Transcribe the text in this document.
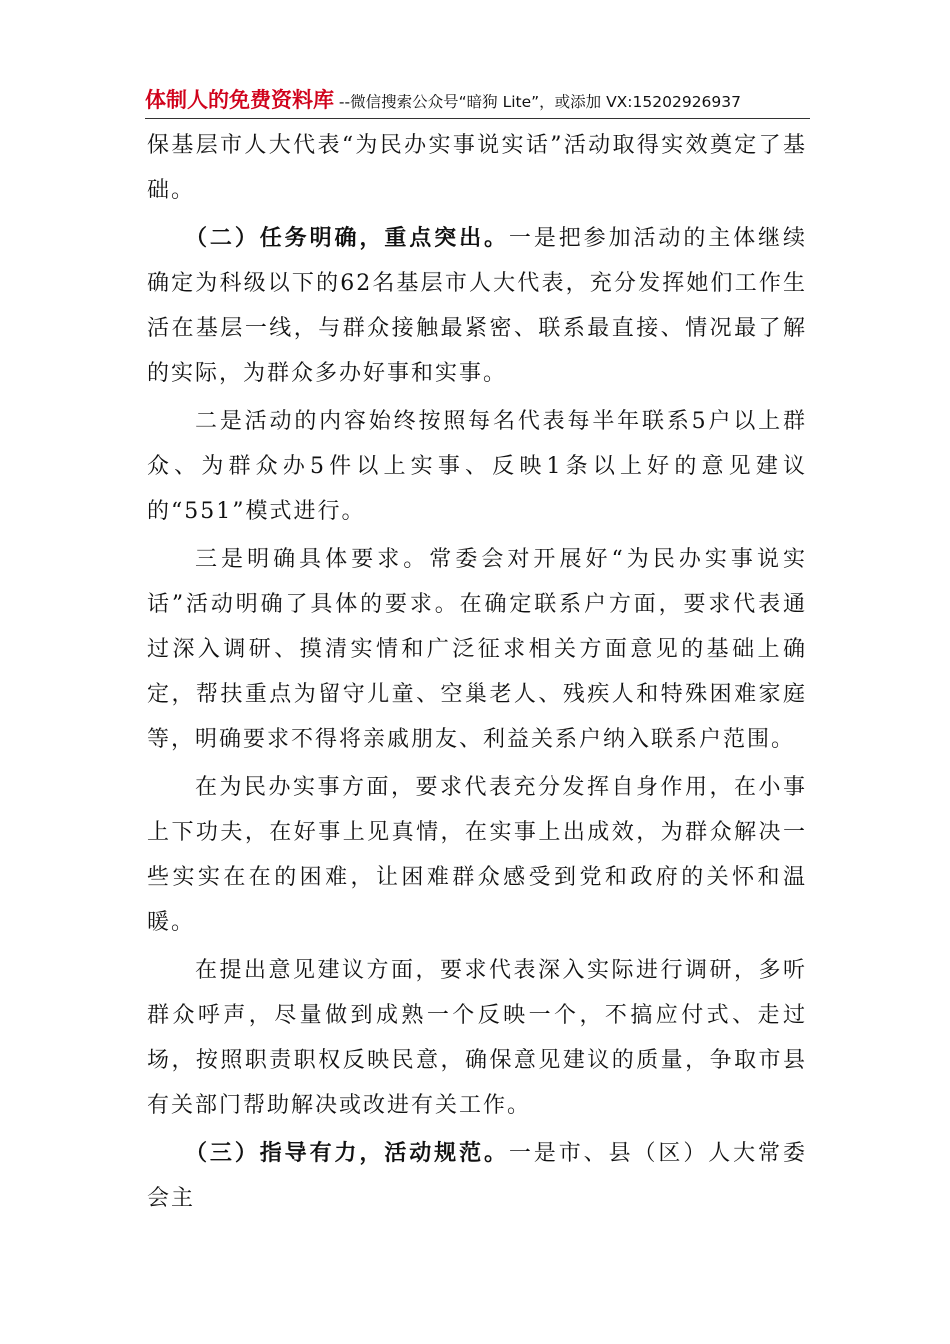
体制人的免费资料库 --微信搜索公众号“暗狗 Lite”，或添加 VX:15202926937

保基层市人大代表“为民办实事说实话”活动取得实效奠定了基础。

（二）任务明确，重点突出。一是把参加活动的主体继续确定为科级以下的62名基层市人大代表，充分发挥她们工作生活在基层一线，与群众接触最紧密、联系最直接、情况最了解的实际，为群众多办好事和实事。

二是活动的内容始终按照每名代表每半年联系5户以上群众、为群众办5件以上实事、反映1条以上好的意见建议的“551”模式进行。

三是明确具体要求。常委会对开展好“为民办实事说实话”活动明确了具体的要求。在确定联系户方面，要求代表通过深入调研、摸清实情和广泛征求相关方面意见的基础上确定，帮扶重点为留守儿童、空巢老人、残疾人和特殊困难家庭等，明确要求不得将亲戚朋友、利益关系户纳入联系户范围。

在为民办实事方面，要求代表充分发挥自身作用，在小事上下功夫，在好事上见真情，在实事上出成效，为群众解决一些实实在在的困难，让困难群众感受到党和政府的关怀和温暖。

在提出意见建议方面，要求代表深入实际进行调研，多听群众呼声，尽量做到成熟一个反映一个，不搞应付式、走过场，按照职责职权反映民意，确保意见建议的质量，争取市县有关部门帮助解决或改进有关工作。

（三）指导有力，活动规范。一是市、县（区）人大常委会主
